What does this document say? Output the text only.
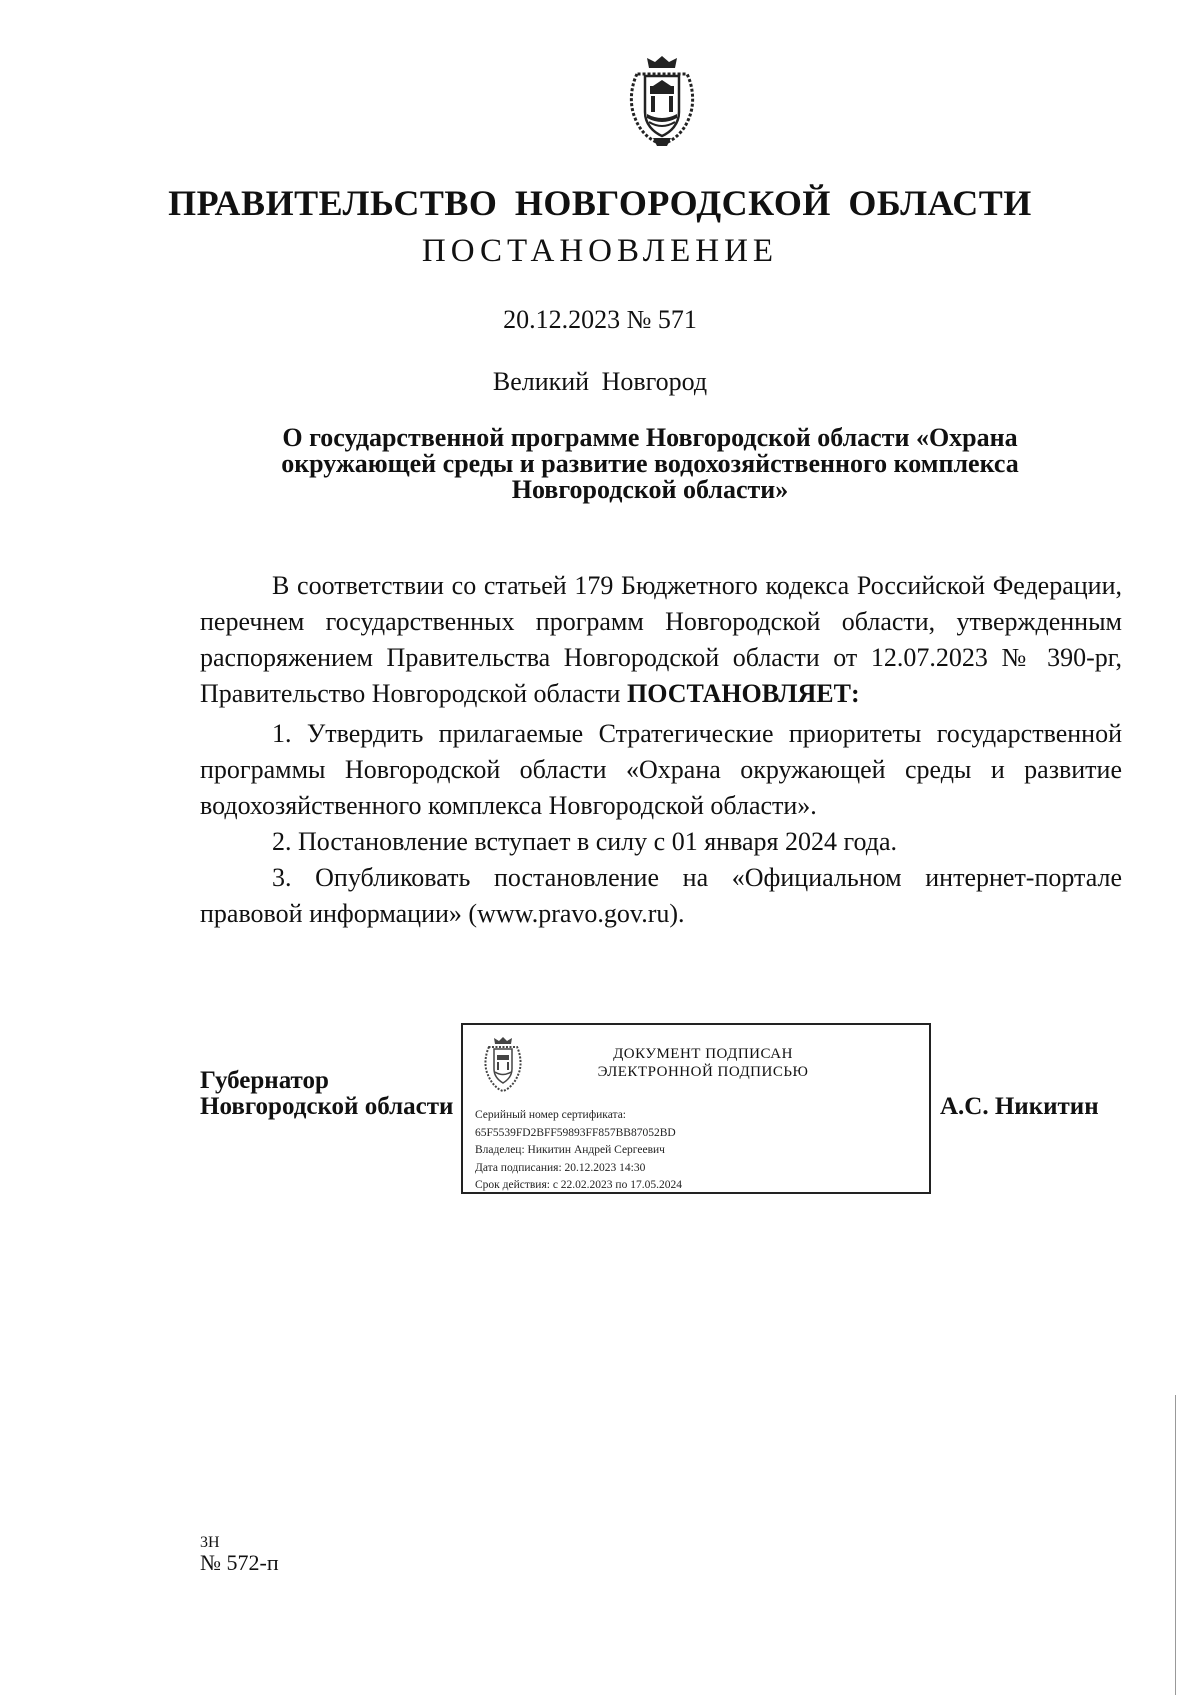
ПРАВИТЕЛЬСТВО НОВГОРОДСКОЙ ОБЛАСТИ
ПОСТАНОВЛЕНИЕ
20.12.2023 № 571
Великий Новгород
О государственной программе Новгородской области «Охрана окружающей среды и развитие водохозяйственного комплекса Новгородской области»

В соответствии со статьей 179 Бюджетного кодекса Российской Федерации, перечнем государственных программ Новгородской области, утвержденным распоряжением Правительства Новгородской области от 12.07.2023 № 390-рг, Правительство Новгородской области ПОСТАНОВЛЯЕТ:

1. Утвердить прилагаемые Стратегические приоритеты государственной программы Новгородской области «Охрана окружающей среды и развитие водохозяйственного комплекса Новгородской области».

2. Постановление вступает в силу с 01 января 2024 года.

3. Опубликовать постановление на «Официальном интернет-портале правовой информации» (www.pravo.gov.ru).

Губернатор
Новгородской области
ДОКУМЕНТ ПОДПИСАН
ЭЛЕКТРОННОЙ ПОДПИСЬЮ
Серийный номер сертификата:
65F5539FD2BFF59893FF857BB87052BD
Владелец: Никитин Андрей Сергеевич
Дата подписания: 20.12.2023 14:30
Срок действия: с 22.02.2023 по 17.05.2024
А.С. Никитин
3Н
№ 572-п
